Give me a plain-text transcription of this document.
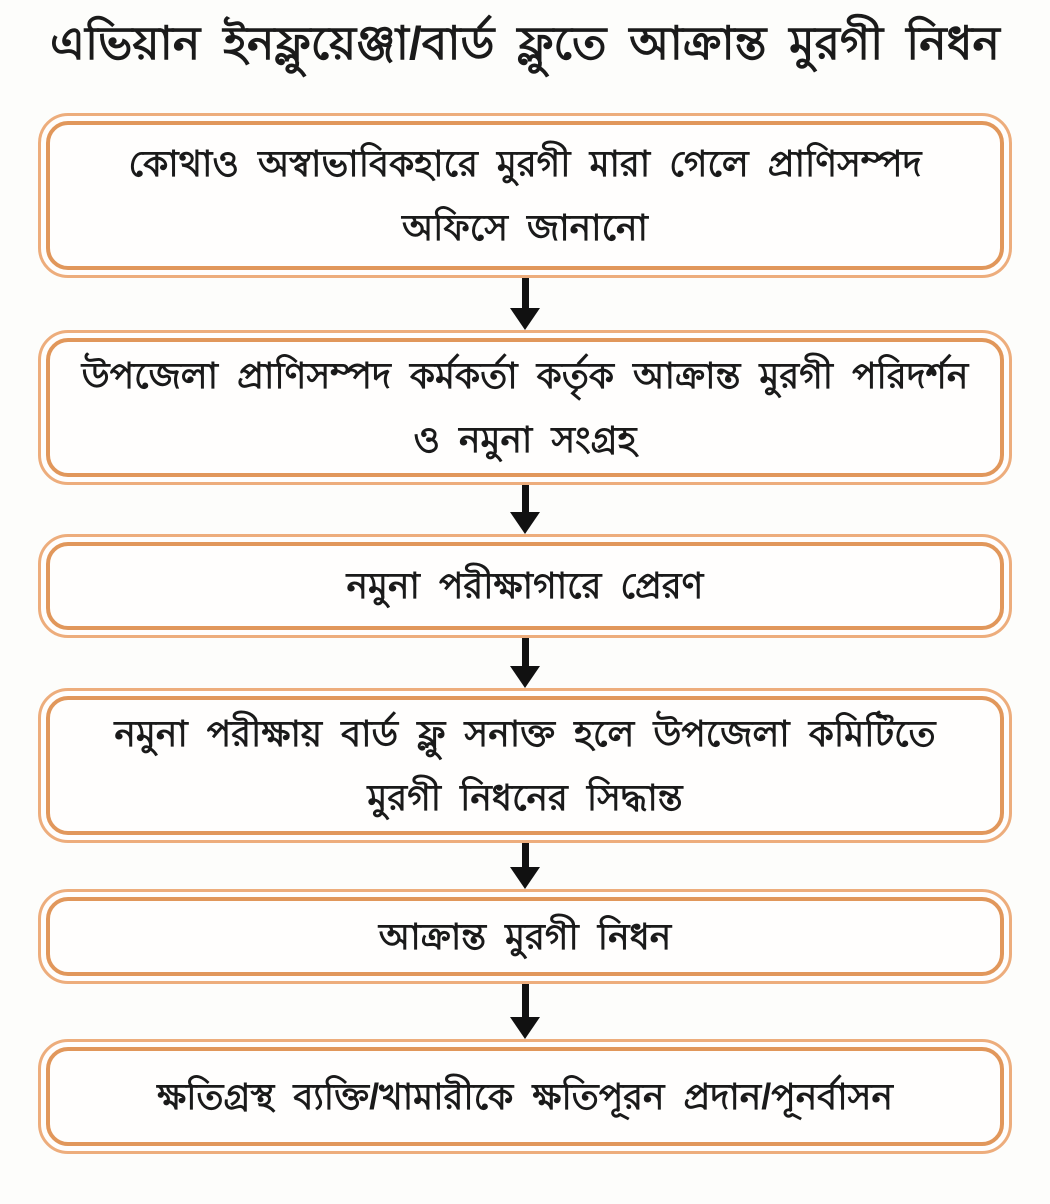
এভিয়ান ইনফ্লুয়েঞ্জা/বার্ড ফ্লুতে আক্রান্ত মুরগী নিধন
কোথাও অস্বাভাবিকহারে মুরগী মারা গেলে প্রাণিসম্পদ
অফিসে জানানো
উপজেলা প্রাণিসম্পদ কর্মকর্তা কর্তৃক আক্রান্ত মুরগী পরিদর্শন
ও নমুনা সংগ্রহ
নমুনা পরীক্ষাগারে প্রেরণ
নমুনা পরীক্ষায় বার্ড ফ্লু সনাক্ত হলে উপজেলা কমিটিতে
মুরগী নিধনের সিদ্ধান্ত
আক্রান্ত মুরগী নিধন
ক্ষতিগ্রস্থ ব্যক্তি/খামারীকে ক্ষতিপূরন প্রদান/পূনর্বাসন
